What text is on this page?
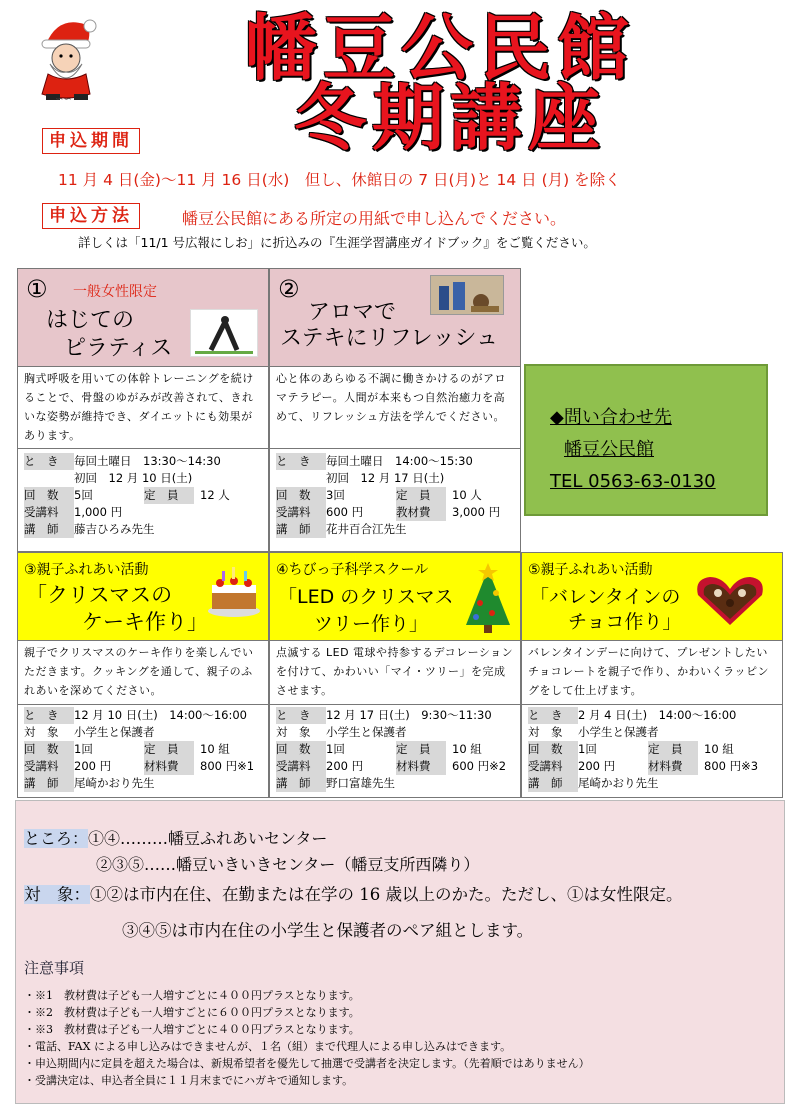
∽∽
幡豆公民館
冬期講座
申込期間
11 月 4 日(金)～11 月 16 日(水)　但し、休館日の 7 日(月)と 14 日 (月) を除く
申込方法	幡豆公民館にある所定の用紙で申し込んでください。
詳しくは「11/1 号広報にしお」に折込みの『生涯学習講座ガイドブック』をご覧ください。
① 一般女性限定
はじての
ピラティス
胸式呼吸を用いての体幹トレーニングを続けることで、骨盤のゆがみが改善されて、きれいな姿勢が維持でき、ダイエットにも効果があります。
と　き	毎回土曜日　13:30～14:30
初回　12 月 10 日(土)
回　数	5回	定　員	12 人
受講料	1,000 円
講　師	藤吉ひろみ先生
②
アロマで
ステキにリフレッシュ
心と体のあらゆる不調に働きかけるのがアロマテラピー。人間が本来もつ自然治癒力を高めて、リフレッシュ方法を学んでください。
と　き	毎回土曜日　14:00～15:30
初回　12 月 17 日(土)
回　数	3回	定　員	10 人
受講料	600 円	教材費	3,000 円
講　師	花井百合江先生
◆問い合わせ先
幡豆公民館
TEL 0563-63-0130
③親子ふれあい活動
「クリスマスの
ケーキ作り」
親子でクリスマスのケーキ作りを楽しんでいただきます。クッキングを通して、親子のふれあいを深めてください。
と　き	12 月 10 日(土)　14:00～16:00
対　象	小学生と保護者
回　数	1回	定　員	10 組
受講料	200 円	材料費	800 円※1
講　師	尾崎かおり先生
④ちびっ子科学スクール
「LED のクリスマス
ツリー作り」
点滅する LED 電球や持参するデコレーションを付けて、かわいい「マイ・ツリー」を完成させます。
と　き	12 月 17 日(土)　9:30～11:30
対　象	小学生と保護者
回　数	1回	定　員	10 組
受講料	200 円	材料費	600 円※2
講　師	野口富雄先生
⑤親子ふれあい活動
「バレンタインの
チョコ作り」
バレンタインデーに向けて、プレゼントしたいチョコレートを親子で作り、かわいくラッピングをして仕上げます。
と　き	2 月 4 日(土)　14:00～16:00
対　象	小学生と保護者
回　数	1回	定　員	10 組
受講料	200 円	材料費	800 円※3
講　師	尾崎かおり先生
ところ：①④………幡豆ふれあいセンター
②③⑤……幡豆いきいきセンター（幡豆支所西隣り）
対　象：①②は市内在住、在勤または在学の 16 歳以上のかた。ただし、①は女性限定。
③④⑤は市内在住の小学生と保護者のペア組とします。
注意事項
・※1　教材費は子ども一人増すごとに４００円プラスとなります。
・※2　教材費は子ども一人増すごとに６００円プラスとなります。
・※3　教材費は子ども一人増すごとに４００円プラスとなります。
・電話、FAX による申し込みはできませんが、１名（組）まで代理人による申し込みはできます。
・申込期間内に定員を超えた場合は、新規希望者を優先して抽選で受講者を決定します。（先着順ではありません）
・受講決定は、申込者全員に１１月末までにハガキで通知します。
